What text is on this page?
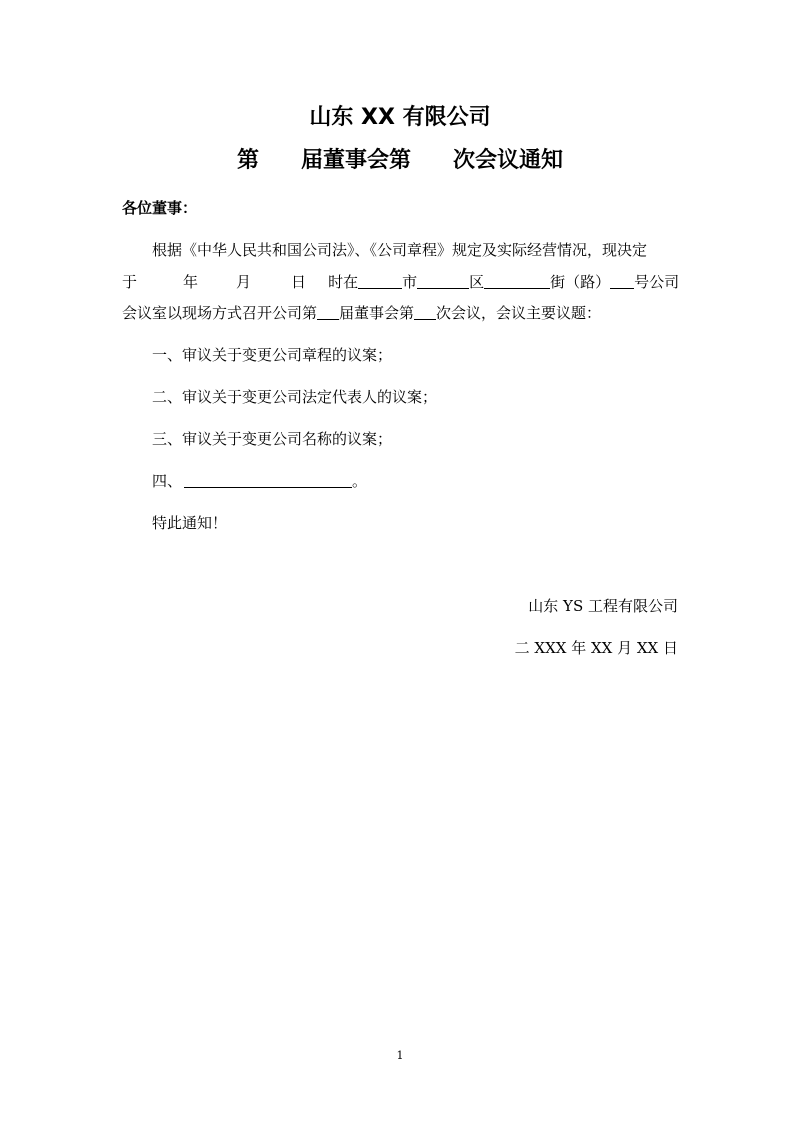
山东 XX 有限公司
第 届董事会第 次会议通知
各位董事：
根据《中华人民共和国公司法》、《公司章程》规定及实际经营情况，现决定
于	年	月	日 时在	市	区	街（路） 号公司
会议室以现场方式召开公司第 届董事会第 次会议，会议主要议题：
一、审议关于变更公司章程的议案；
二、审议关于变更公司法定代表人的议案；
三、审议关于变更公司名称的议案；
四、	。
特此通知！
山东 YS 工程有限公司
二 XXX 年 XX 月 XX 日
1
